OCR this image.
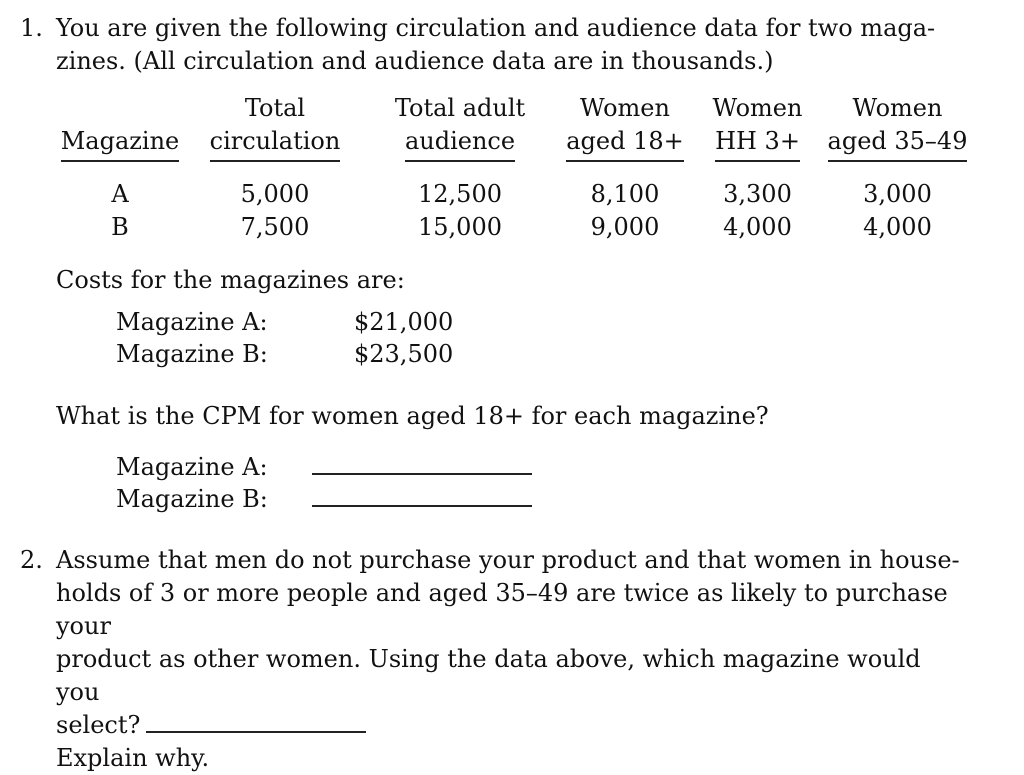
1. You are given the following circulation and audience data for two maga-
zines. (All circulation and audience data are in thousands.)
	Total	Total adult	Women	Women	Women
Magazine	circulation	audience	aged 18+	HH 3+	aged 35–49

A	5,000	12,500	8,100	3,300	3,000
B	7,500	15,000	9,000	4,000	4,000
Costs for the magazines are:
Magazine A:	$21,000
Magazine B:	$23,500
What is the CPM for women aged 18+ for each magazine?
Magazine A:
Magazine B:
2. Assume that men do not purchase your product and that women in house-
holds of 3 or more people and aged 35–49 are twice as likely to purchase your
product as other women. Using the data above, which magazine would you
select?
Explain why.
